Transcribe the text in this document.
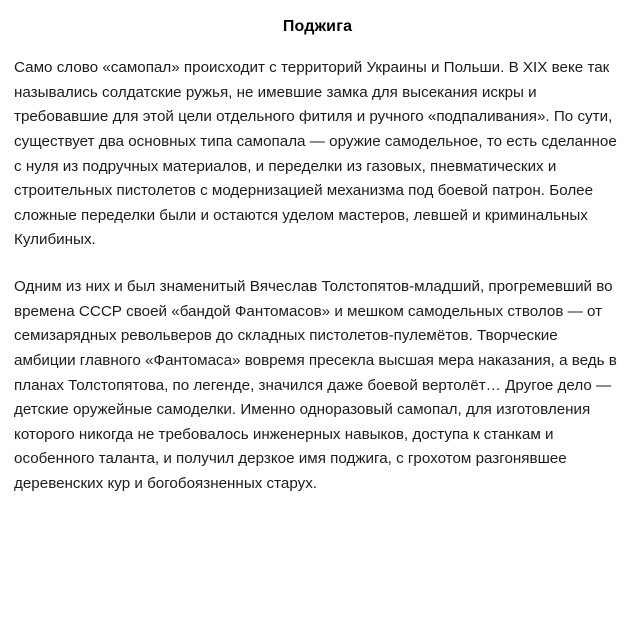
Поджига

Само слово «самопал» происходит с территорий Украины и Польши. В XIX веке так назывались солдатские ружья, не имевшие замка для высекания искры и требовавшие для этой цели отдельного фитиля и ручного «подпаливания». По сути, существует два основных типа самопала — оружие самодельное, то есть сделанное с нуля из подручных материалов, и переделки из газовых, пневматических и строительных пистолетов с модернизацией механизма под боевой патрон. Более сложные переделки были и остаются уделом мастеров, левшей и криминальных Кулибиных.

Одним из них и был знаменитый Вячеслав Толстопятов-младший, прогремевший во времена СССР своей «бандой Фантомасов» и мешком самодельных стволов — от семизарядных револьверов до складных пистолетов-пулемётов. Творческие амбиции главного «Фантомаса» вовремя пресекла высшая мера наказания, а ведь в планах Толстопятова, по легенде, значился даже боевой вертолёт… Другое дело — детские оружейные самоделки. Именно одноразовый самопал, для изготовления которого никогда не требовалось инженерных навыков, доступа к станкам и особенного таланта, и получил дерзкое имя поджига, с грохотом разгонявшее деревенских кур и богобоязненных старух.
